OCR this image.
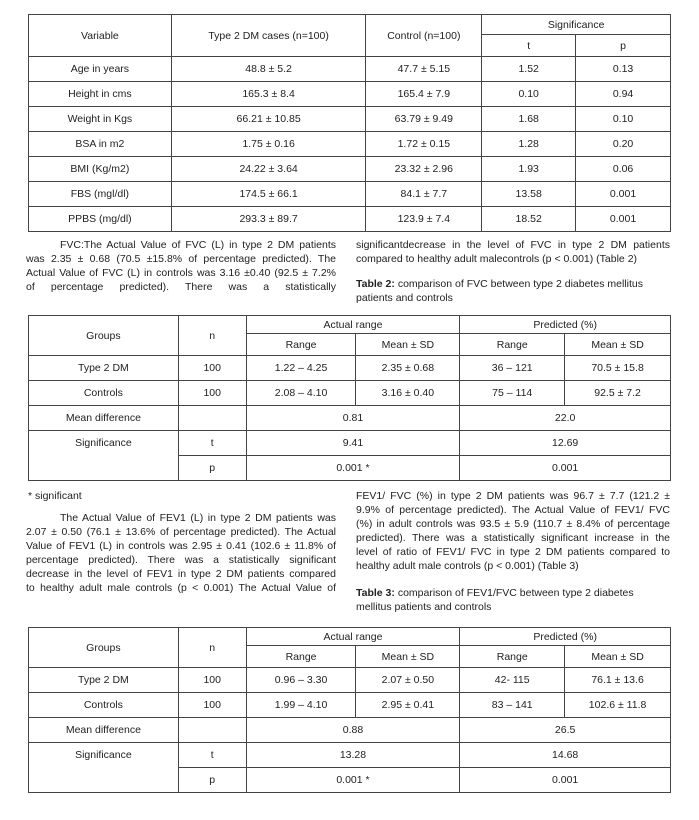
Variable	Type 2 DM cases (n=100)	Control (n=100)	Significance	
			t	p
Age in years	48.8 ± 5.2	47.7 ± 5.15	1.52	0.13
Height in cms	165.3 ± 8.4	165.4 ± 7.9	0.10	0.94
Weight in Kgs	66.21 ± 10.85	63.79 ± 9.49	1.68	0.10
BSA in m2	1.75 ± 0.16	1.72 ± 0.15	1.28	0.20
BMI (Kg/m2)	24.22 ± 3.64	23.32 ± 2.96	1.93	0.06
FBS (mgl/dl)	174.5 ± 66.1	84.1 ± 7.7	13.58	0.001
PPBS (mg/dl)	293.3 ± 89.7	123.9 ± 7.4	18.52	0.001
FVC:The Actual Value of FVC (L) in type 2 DM patients
was 2.35 ± 0.68 (70.5 ±15.8% of percentage predicted). The
Actual Value of FVC (L) in controls was 3.16 ±0.40 (92.5 ± 7.2%
of percentage predicted). There was a statistically
significantdecrease in the level of FVC in type 2 DM patients
compared to healthy adult malecontrols (p < 0.001) (Table 2)
Table 2: comparison of FVC between type 2 diabetes mellitus patients and controls
Groups	n	Actual range		Predicted (%)	
		Range	Mean ± SD	Range	Mean ± SD
Type 2 DM	100	1.22 – 4.25	2.35 ± 0.68	36 – 121	70.5 ± 15.8
Controls	100	2.08 – 4.10	3.16 ± 0.40	75 – 114	92.5 ± 7.2
Mean difference		0.81		22.0	
Significance	t	9.41		12.69	
	p	0.001 *		0.001	
* significant
The Actual Value of FEV1 (L) in type 2 DM patients was
2.07 ± 0.50 (76.1 ± 13.6% of percentage predicted). The Actual
Value of FEV1 (L) in controls was 2.95 ± 0.41 (102.6 ± 11.8% of
percentage predicted). There was a statistically significant
decrease in the level of FEV1 in type 2 DM patients compared
to healthy adult male controls (p < 0.001) The Actual Value of
FEV1/ FVC (%) in type 2 DM patients was 96.7 ± 7.7 (121.2 ±
9.9% of percentage predicted). The Actual Value of FEV1/ FVC
(%) in adult controls was 93.5 ± 5.9 (110.7 ± 8.4% of percentage
predicted). There was a statistically significant increase in the
level of ratio of FEV1/ FVC in type 2 DM patients compared to
healthy adult male controls (p < 0.001) (Table 3)
Table 3: comparison of FEV1/FVC between type 2 diabetes mellitus patients and controls
Groups	n	Actual range		Predicted (%)	
		Range	Mean ± SD	Range	Mean ± SD
Type 2 DM	100	0.96 – 3.30	2.07 ± 0.50	42- 115	76.1 ± 13.6
Controls	100	1.99 – 4.10	2.95 ± 0.41	83 – 141	102.6 ± 11.8
Mean difference		0.88		26.5	
Significance	t	13.28		14.68	
	p	0.001 *		0.001	
